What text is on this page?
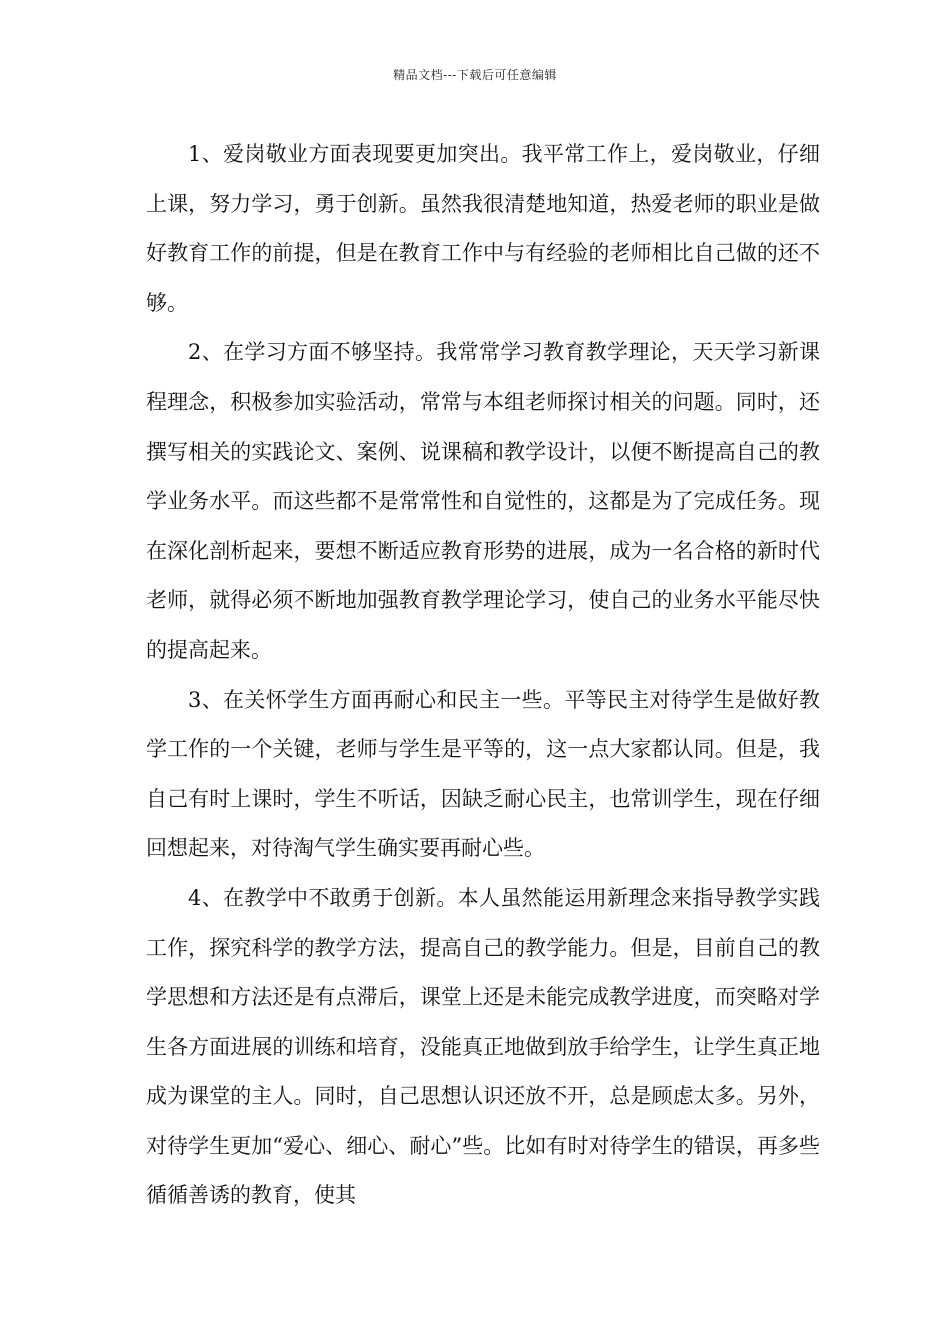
精品文档---下载后可任意编辑

1、爱岗敬业方面表现要更加突出。我平常工作上，爱岗敬业，仔细上课，努力学习，勇于创新。虽然我很清楚地知道，热爱老师的职业是做好教育工作的前提，但是在教育工作中与有经验的老师相比自己做的还不够。

2、在学习方面不够坚持。我常常学习教育教学理论，天天学习新课程理念，积极参加实验活动，常常与本组老师探讨相关的问题。同时，还撰写相关的实践论文、案例、说课稿和教学设计，以便不断提高自己的教学业务水平。而这些都不是常常性和自觉性的，这都是为了完成任务。现在深化剖析起来，要想不断适应教育形势的进展，成为一名合格的新时代老师，就得必须不断地加强教育教学理论学习，使自己的业务水平能尽快的提高起来。

3、在关怀学生方面再耐心和民主一些。平等民主对待学生是做好教学工作的一个关键，老师与学生是平等的，这一点大家都认同。但是，我自己有时上课时，学生不听话，因缺乏耐心民主，也常训学生，现在仔细回想起来，对待淘气学生确实要再耐心些。

4、在教学中不敢勇于创新。本人虽然能运用新理念来指导教学实践工作，探究科学的教学方法，提高自己的教学能力。但是，目前自己的教学思想和方法还是有点滞后，课堂上还是未能完成教学进度，而突略对学生各方面进展的训练和培育，没能真正地做到放手给学生，让学生真正地成为课堂的主人。同时，自己思想认识还放不开，总是顾虑太多。另外，对待学生更加“爱心、细心、耐心”些。比如有时对待学生的错误，再多些循循善诱的教育，使其
